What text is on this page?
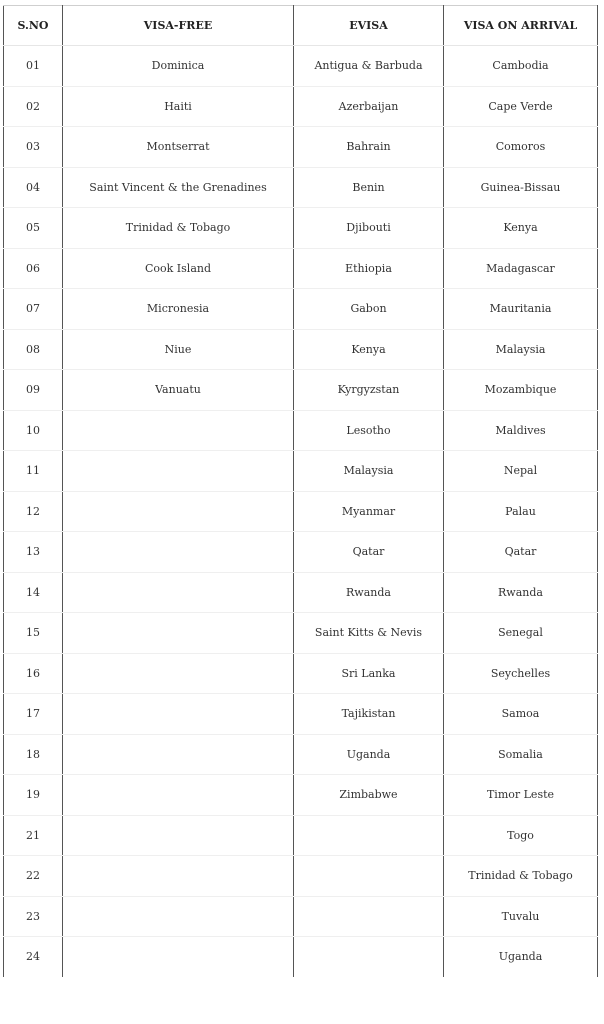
S.NO	VISA-FREE	EVISA	VISA ON ARRIVAL
01	Dominica	Antigua & Barbuda	Cambodia
02	Haiti	Azerbaijan	Cape Verde
03	Montserrat	Bahrain	Comoros
04	Saint Vincent & the Grenadines	Benin	Guinea-Bissau
05	Trinidad & Tobago	Djibouti	Kenya
06	Cook Island	Ethiopia	Madagascar
07	Micronesia	Gabon	Mauritania
08	Niue	Kenya	Malaysia
09	Vanuatu	Kyrgyzstan	Mozambique
10		Lesotho	Maldives
11		Malaysia	Nepal
12		Myanmar	Palau
13		Qatar	Qatar
14		Rwanda	Rwanda
15		Saint Kitts & Nevis	Senegal
16		Sri Lanka	Seychelles
17		Tajikistan	Samoa
18		Uganda	Somalia
19		Zimbabwe	Timor Leste
21			Togo
22			Trinidad & Tobago
23			Tuvalu
24			Uganda
